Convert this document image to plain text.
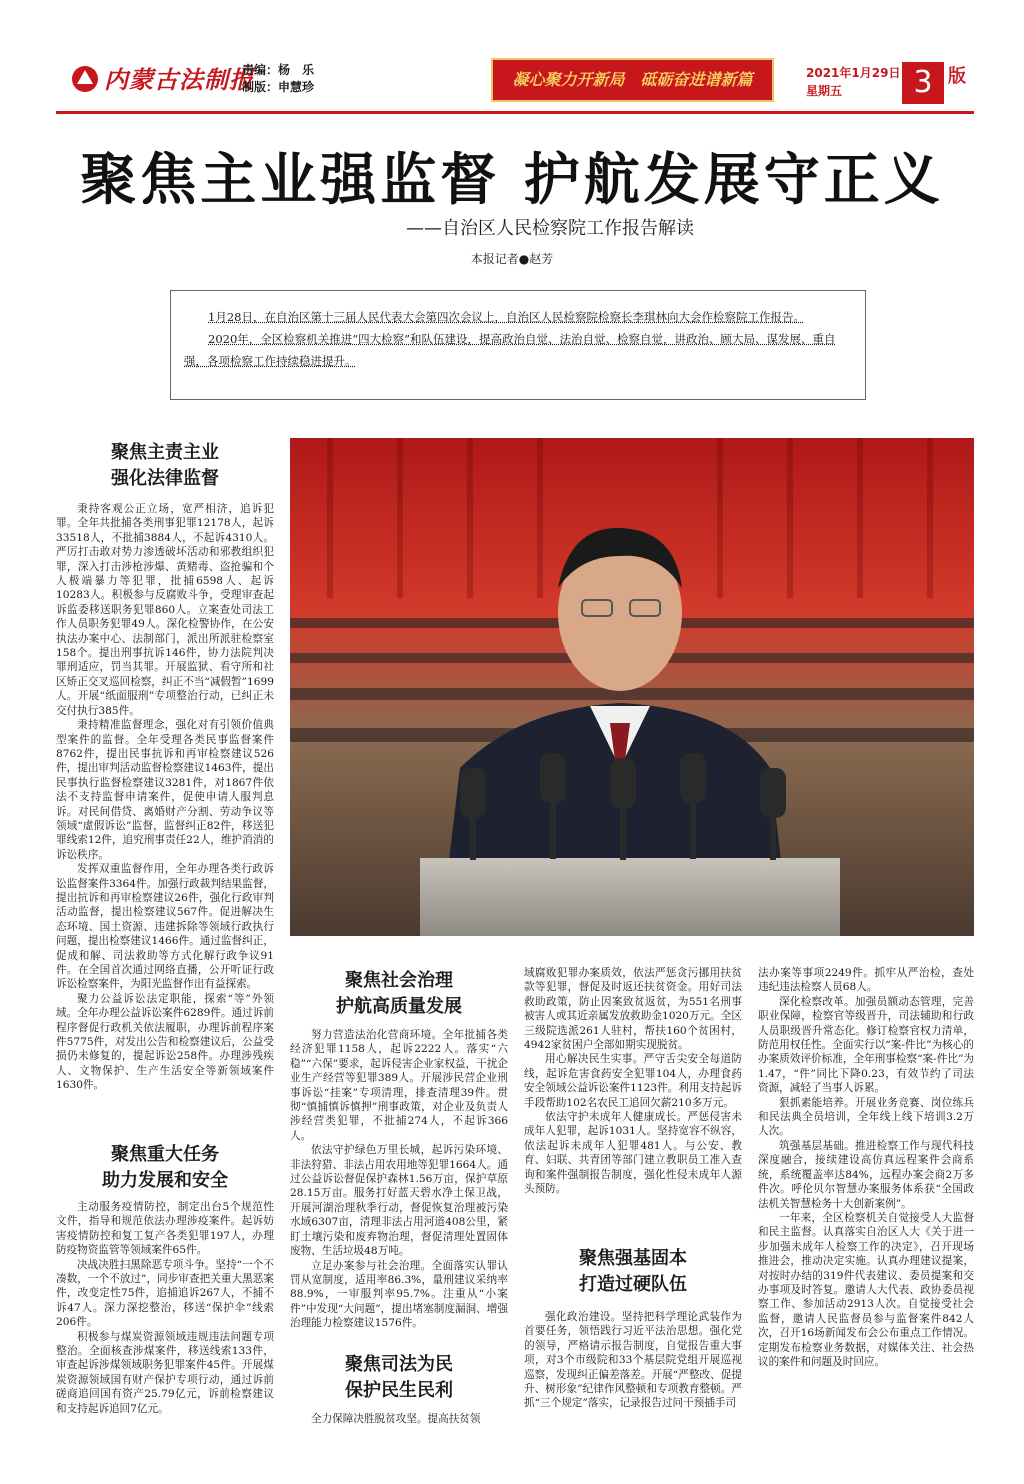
内蒙古法制报
责编：杨　乐
制版：申慧珍	凝心聚力开新局　砥砺奋进谱新篇	2021年1月29日
星期五	3 版
聚焦主业强监督 护航发展守正义
——自治区人民检察院工作报告解读
本报记者●赵芳

1月28日，在自治区第十三届人民代表大会第四次会议上，自治区人民检察院检察长李琪林向大会作检察院工作报告。

2020年，全区检察机关推进“四大检察”和队伍建设，提高政治自觉、法治自觉、检察自觉，讲政治、顾大局、谋发展、重自强，各项检察工作持续稳进提升。

聚焦主责主业
强化法律监督

秉持客观公正立场，宽严相济，追诉犯罪。全年共批捕各类刑事犯罪12178人，起诉33518人，不批捕3884人，不起诉4310人。严厉打击敢对势力渗透破坏活动和邪教组织犯罪，深入打击涉枪涉爆、黄赌毒、盗抢骗和个人极端暴力等犯罪，批捕6598人、起诉10283人。积极参与反腐败斗争，受理审查起诉监委移送职务犯罪860人。立案查处司法工作人员职务犯罪49人。深化检警协作，在公安执法办案中心、法制部门，派出所派驻检察室158个。提出刑事抗诉146件，协力法院判决罪刑适应，罚当其罪。开展监狱、看守所和社区矫正交叉巡回检察，纠正不当“减假暂”1699人。开展“纸面服刑”专项整治行动，已纠正未交付执行385件。

秉持精准监督理念，强化对有引领价值典型案件的监督。全年受理各类民事监督案件8762件，提出民事抗诉和再审检察建议526件，提出审判活动监督检察建议1463件，提出民事执行监督检察建议3281件，对1867件依法不支持监督申请案件，促使申请人服判息诉。对民间借贷、离婚财产分割、劳动争议等领域“虚假诉讼”监督，监督纠正82件，移送犯罪线索12件，追究刑事责任22人，维护消消的诉讼秩序。

发挥双重监督作用，全年办理各类行政诉讼监督案件3364件。加强行政裁判结果监督，提出抗诉和再审检察建议26件，强化行政审判活动监督，提出检察建议567件。促进解决生态环境、国土资源、违建拆除等领域行政执行问题，提出检察建议1466件。通过监督纠正，促成和解、司法救助等方式化解行政争议91件。在全国首次通过网络直播，公开听证行政诉讼检察案件，为阳光监督作出有益探索。

聚力公益诉讼法定职能，探索“等”外领域。全年办理公益诉讼案件6289件。通过诉前程序督促行政机关依法履职，办理诉前程序案件5775件，对发出公告和检察建议后，公益受损仍未修复的，提起诉讼258件。办理涉残疾人、文物保护、生产生活安全等新领域案件1630件。

聚焦重大任务
助力发展和安全

主动服务疫情防控，制定出台5个规范性文件，指导和规范依法办理涉疫案件。起诉妨害疫情防控和复工复产各类犯罪197人，办理防疫物资监管等领域案件65件。

决战决胜扫黑除恶专项斗争。坚持“一个不凑数，一个不放过”，同步审查把关重大黑恶案件，改变定性75件，追捕追诉267人，不捕不诉47人。深力深挖整治，移送“保护伞”线索206件。

积极参与煤炭资源领域违规违法问题专项整治。全面核查涉煤案件，移送线索133件，审查起诉涉煤领域职务犯罪案件45件。开展煤炭资源领域国有财产保护专项行动，通过诉前磋商追回国有资产25.79亿元，诉前检察建议和支持起诉追回7亿元。

聚焦社会治理
护航高质量发展

努力营造法治化营商环境。全年批捕各类经济犯罪1158人，起诉2222人。落实“六稳”“六保”要求，起诉侵害企业家权益，干扰企业生产经营等犯罪389人。开展涉民营企业刑事诉讼“挂案”专项清理，排查清理39件。贯彻“慎捕慎诉慎押”刑事政策，对企业及负责人涉经营类犯罪，不批捕274人，不起诉366人。

依法守护绿色万里长城，起诉污染环境、非法狩猎、非法占用农用地等犯罪1664人。通过公益诉讼督促保护森林1.56万亩，保护草原28.15万亩。服务打好蓝天碧水净土保卫战，开展河湖治理秋季行动，督促恢复治理被污染水域6307亩，清理非法占用河道408公里，紧盯土壤污染和废弃物治理，督促清理处置固体废物、生活垃圾48万吨。

立足办案参与社会治理。全面落实认罪认罚从宽制度，适用率86.3%，量刑建议采纳率88.9%，一审服判率95.7%。注重从“小案件”中发现“大问题”，提出堵塞制度漏洞、增强治理能力检察建议1576件。

聚焦司法为民
保护民生民利

全力保障决胜脱贫攻坚。提高扶贫领

域腐败犯罪办案质效，依法严惩贪污挪用扶贫款等犯罪，督促及时返还扶贫资金。用好司法救助政策，防止因案致贫返贫，为551名刑事被害人或其近亲属发放救助金1020万元。全区三级院选派261人驻村，帮扶160个贫困村，4942家贫困户全部如期实现脱贫。

用心解决民生实事。严守舌尖安全每道防线，起诉危害食药安全犯罪104人，办理食药安全领域公益诉讼案件1123件。利用支持起诉手段帮助102名农民工追回欠薪210多万元。

依法守护未成年人健康成长。严惩侵害未成年人犯罪，起诉1031人。坚持宽容不纵容，依法起诉未成年人犯罪481人。与公安、教育、妇联、共青团等部门建立教职员工准入查询和案件强制报告制度，强化性侵未成年人源头预防。

聚焦强基固本
打造过硬队伍

强化政治建设。坚持把科学理论武装作为首要任务，领悟践行习近平法治思想。强化党的领导，严格请示报告制度，自觉报告重大事项，对3个市级院和33个基层院党组开展巡视巡察，发现纠正偏差落差。开展“严整改、促提升、树形象”纪律作风整顿和专项教育整顿。严抓“三个规定”落实，记录报告过问干预插手司

法办案等事项2249件。抓牢从严治检，查处违纪违法检察人员68人。

深化检察改革。加强员额动态管理，完善职业保障，检察官等级晋升，司法辅助和行政人员职级晋升常态化。修订检察官权力清单，防范用权任性。全面实行以“案-件比”为核心的办案质效评价标准，全年刑事检察“案-件比”为1.47，“件”同比下降0.23，有效节约了司法资源，减轻了当事人诉累。

狠抓素能培养。开展业务竞赛、岗位练兵和民法典全员培训，全年线上线下培训3.2万人次。

筑强基层基础。推进检察工作与现代科技深度融合，接续建设高仿真远程案件会商系统，系统覆盖率达84%，远程办案会商2万多件次。呼伦贝尔智慧办案服务体系获“全国政法机关智慧检务十大创新案例”。

一年来，全区检察机关自觉接受人大监督和民主监督。认真落实自治区人大《关于进一步加强未成年人检察工作的决定》，召开现场推进会，推动决定实施。认真办理建议提案，对按时办结的319件代表建议、委员提案和交办事项及时答复。邀请人大代表、政协委员视察工作、参加活动2913人次。自觉接受社会监督，邀请人民监督员参与监督案件842人次，召开16场新闻发布会公布重点工作情况。定期发布检察业务数据，对媒体关注、社会热议的案件和问题及时回应。
